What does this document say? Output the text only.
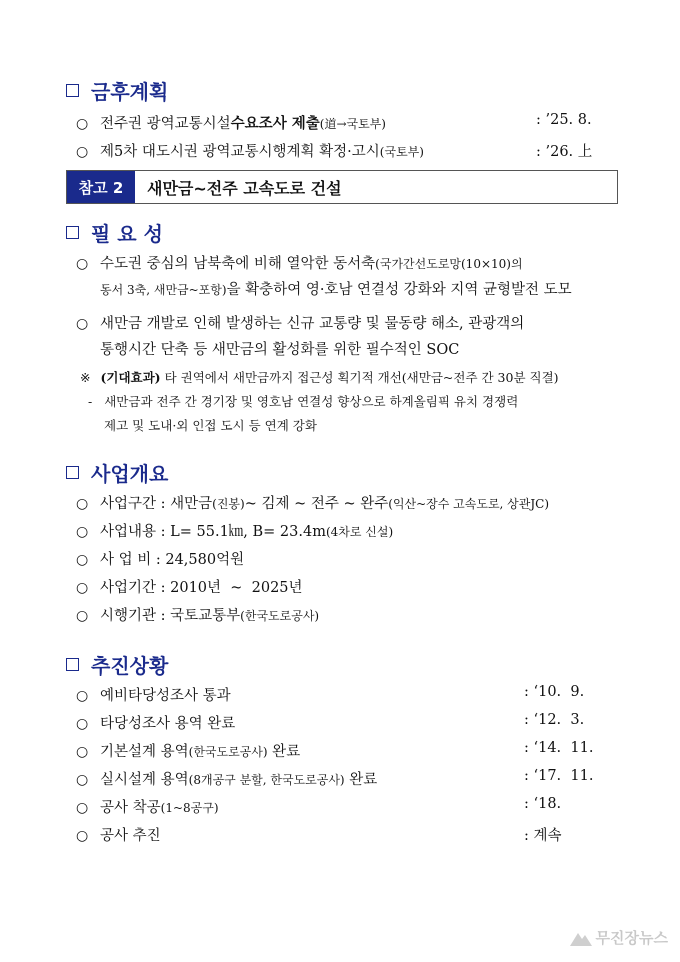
금후계획
○ 전주권 광역교통시설 수요조사 제출 (道→국토부)	: ’25. 8.
○ 제5차 대도시권 광역교통시행계획 확정·고시 (국토부)	: ’26. 上
참고 2	새만금~전주 고속도로 건설
필 요 성
○ 수도권 중심의 남북축에 비해 열악한 동서축 (국가간선도로망(10×10)의
동서 3축, 새만금~포항) 을 확충하여 영·호남 연결성 강화와 지역 균형발전 도모
○ 새만금 개발로 인해 발생하는 신규 교통량 및 물동량 해소, 관광객의
통행시간 단축 등 새만금의 활성화를 위한 필수적인 SOC
※ (기대효과) 타 권역에서 새만금까지 접근성 획기적 개선(새만금~전주 간 30분 직결)
- 새만금과 전주 간 경기장 및 영호남 연결성 향상으로 하계올림픽 유치 경쟁력
제고 및 도내·외 인접 도시 등 연계 강화
사업개요
○ 사업구간 : 새만금 (진봉) ~ 김제 ~ 전주 ~ 완주 (익산~장수 고속도로, 상관JC)
○ 사업내용 : L= 55.1㎞, B= 23.4m (4차로 신설)
○ 사 업 비 : 24,580억원
○ 사업기간 : 2010년  ~  2025년
○ 시행기관 : 국토교통부 (한국도로공사)
추진상황
○ 예비타당성조사 통과	: ‘10.  9.
○ 타당성조사 용역 완료	: ‘12.  3.
○ 기본설계 용역 (한국도로공사) 완료	: ‘14.  11.
○ 실시설계 용역 (8개공구 분할, 한국도로공사) 완료	: ‘17.  11.
○ 공사 착공 (1~8공구)	: ‘18.
○ 공사 추진	: 계속
무진장뉴스
